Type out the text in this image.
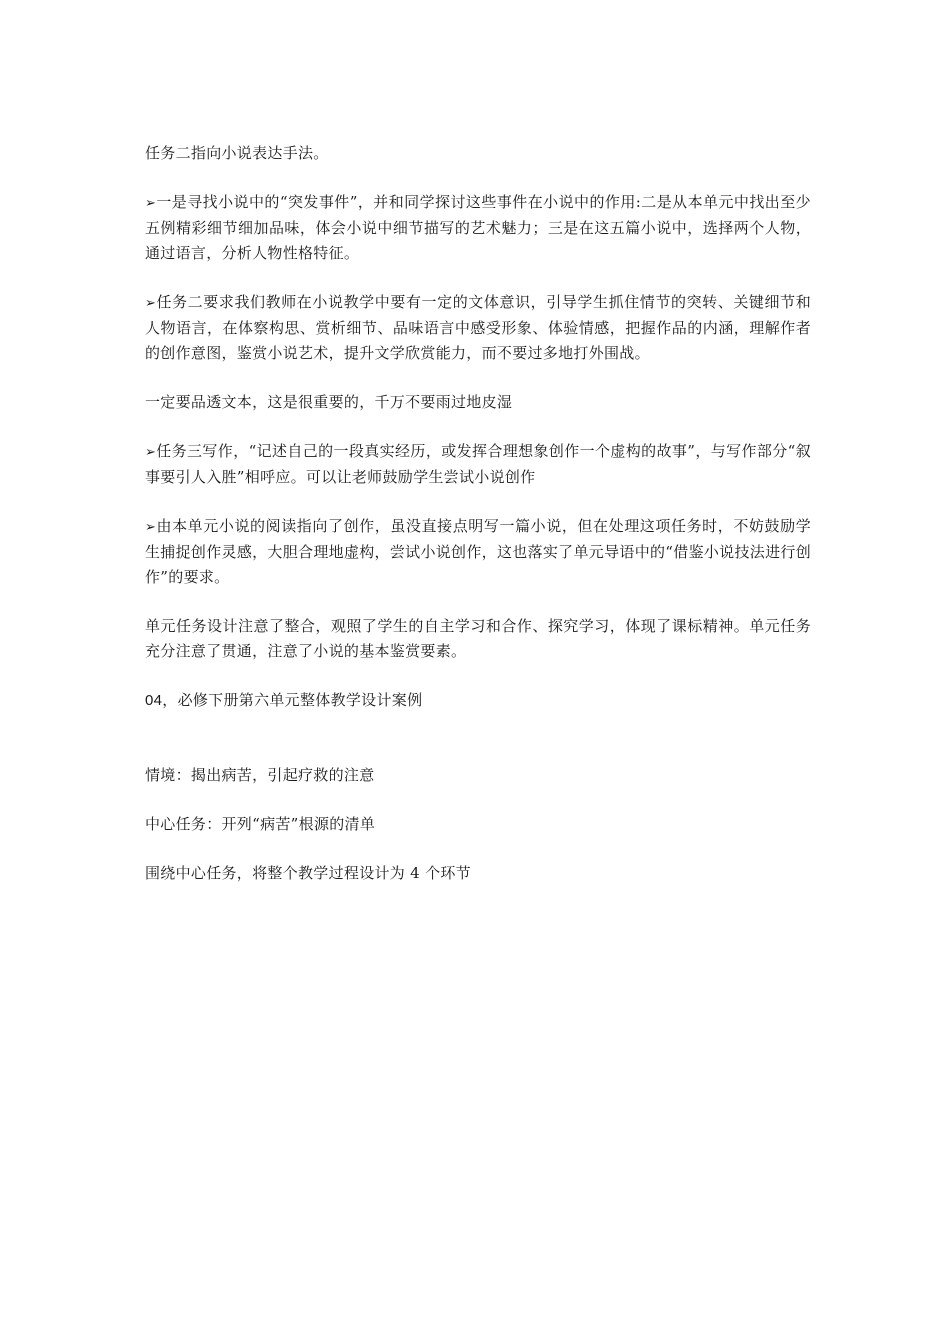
任务二指向小说表达手法。

➢一是寻找小说中的“突发事件”，并和同学探讨这些事件在小说中的作用:二是从本单元中找出至少五例精彩细节细加品味，体会小说中细节描写的艺术魅力；三是在这五篇小说中，选择两个人物，通过语言，分析人物性格特征。

➢任务二要求我们教师在小说教学中要有一定的文体意识，引导学生抓住情节的突转、关键细节和人物语言，在体察构思、赏析细节、品味语言中感受形象、体验情感，把握作品的内涵，理解作者的创作意图，鉴赏小说艺术，提升文学欣赏能力，而不要过多地打外围战。

一定要品透文本，这是很重要的，千万不要雨过地皮湿

➢任务三写作，“记述自己的一段真实经历，或发挥合理想象创作一个虚构的故事”，与写作部分“叙事要引人入胜”相呼应。可以让老师鼓励学生尝试小说创作

➢由本单元小说的阅读指向了创作，虽没直接点明写一篇小说，但在处理这项任务时，不妨鼓励学生捕捉创作灵感，大胆合理地虚构，尝试小说创作，这也落实了单元导语中的“借鉴小说技法进行创作”的要求。

单元任务设计注意了整合，观照了学生的自主学习和合作、探究学习，体现了课标精神。单元任务充分注意了贯通，注意了小说的基本鉴赏要素。

04，必修下册第六单元整体教学设计案例

情境：揭出病苦，引起疗救的注意

中心任务：开列“病苦”根源的清单

围绕中心任务，将整个教学过程设计为 4 个环节
